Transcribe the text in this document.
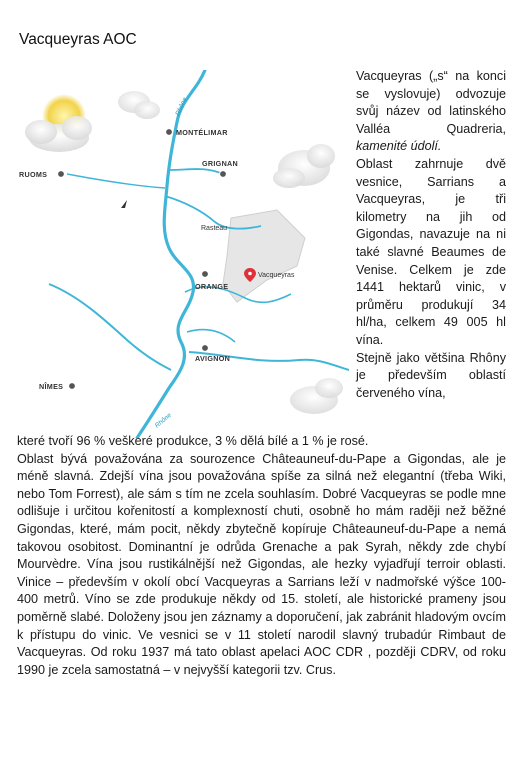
Vacqueyras AOC
Rhône
Rhône
MONTÉLIMAR
GRIGNAN
RUOMS
Rasteau
ORANGE
Vacqueyras
AVIGNON
NÎMES

Vacqueyras („s“ na konci se vyslovuje) odvozuje svůj název od latinského Valléa Quadreria, kamenité údolí.

Oblast zahrnuje dvě vesnice, Sarrians a Vacqueyras, je tři kilometry na jih od Gigondas, navazuje na ni také slavné Beaumes de Venise. Celkem je zde 1441 hektarů vinic, v průměru produkují 34 hl/ha, celkem 49 005 hl vína.

Stejně jako většina Rhôny je především oblastí červeného vína,

které tvoří 96 % veškeré produkce, 3 % dělá bílé a 1 % je rosé.

Oblast bývá považována za sourozence Châteauneuf-du-Pape a Gigondas, ale je méně slavná. Zdejší vína jsou považována spíše za silná než elegantní (třeba Wiki, nebo Tom Forrest), ale sám s tím ne zcela souhlasím. Dobré Vacqueyras se podle mne odlišuje i určitou kořenitostí a komplexností chuti, osobně ho mám raději než běžné Gigondas, které, mám pocit, někdy zbytečně kopíruje Châteauneuf-du-Pape a nemá takovou osobitost. Dominantní je odrůda Grenache a pak Syrah, někdy zde chybí Mourvèdre. Vína jsou rustikálnější než Gigondas, ale hezky vyjadřují terroir oblasti. Vinice – především v okolí obcí Vacqueyras a Sarrians leží v nadmořské výšce 100- 400 metrů. Víno se zde produkuje někdy od 15. století, ale historické prameny jsou poměrně slabé. Doloženy jsou jen záznamy a doporučení, jak zabránit hladovým ovcím k přístupu do vinic. Ve vesnici se v 11 století narodil slavný trubadúr Rimbaut de Vacqueyras. Od roku 1937 má tato oblast apelaci AOC CDR , později CDRV, od roku 1990 je zcela samostatná – v nejvyšší kategorii tzv. Crus.
